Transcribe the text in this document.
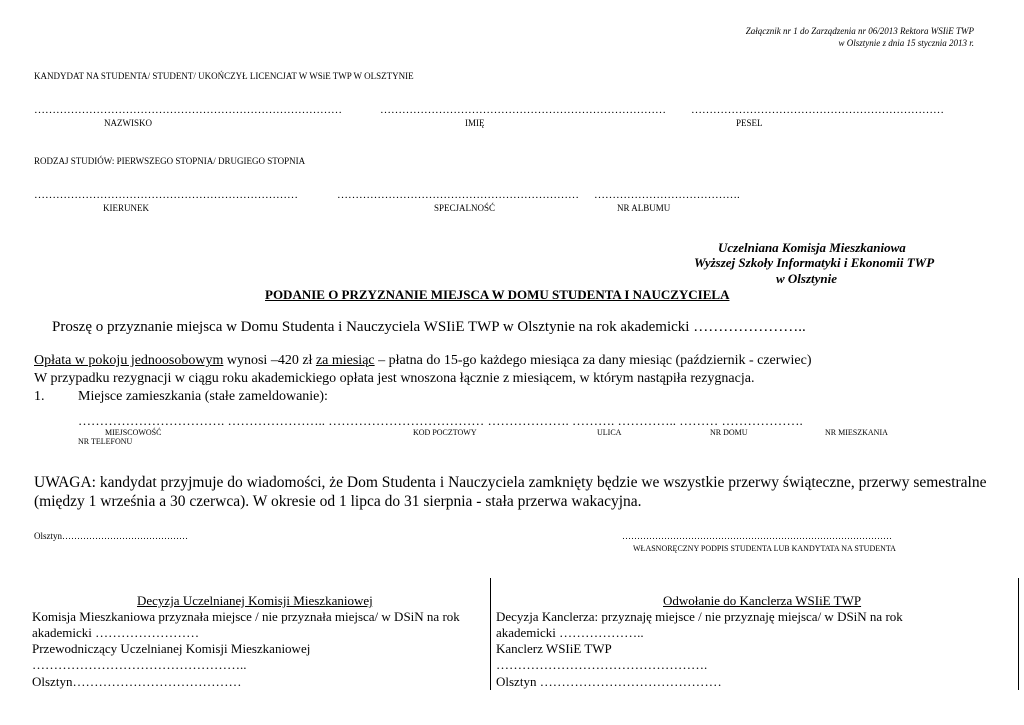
Załącznik nr 1 do Zarządzenia nr 06/2013 Rektora WSIiE TWP
w Olsztynie z dnia 15 stycznia 2013 r.
KANDYDAT NA STUDENTA/ STUDENT/ UKOŃCZYŁ LICENCJAT W WSiE TWP W OLSZTYNIE
…………………………………………………………………………	…………………………………………………………………… ……………………………………………………………
NAZWISKO	IMIĘ	PESEL
RODZAJ STUDIÓW: PIERWSZEGO STOPNIA/ DRUGIEGO STOPNIA
………………………………………………………………	………………………………………………………… ………………………………….
KIERUNEK	SPECJALNOŚĆ	NR ALBUMU
Uczelniana Komisja Mieszkaniowa
Wyższej Szkoły Informatyki i Ekonomii TWP
w Olsztynie
PODANIE O PRZYZNANIE MIEJSCA W DOMU STUDENTA I NAUCZYCIELA
Proszę o przyznanie miejsca w Domu Studenta i Nauczyciela WSIiE TWP w Olsztynie na rok akademicki …………………..
Opłata w pokoju jednoosobowym wynosi –420 zł za miesiąc – płatna do 15-go każdego miesiąca za dany miesiąc (październik - czerwiec)
W przypadku rezygnacji w ciągu roku akademickiego opłata jest wnoszona łącznie z miesiącem, w którym nastąpiła rezygnacja.
1. Miejsce zamieszkania (stałe zameldowanie):
……………………………. ………………….. ……………………………… ………………. ………. ………….. ……… ……………….
MIEJSCOWOŚĆ	KOD POCZTOWY	ULICA	NR DOMU	NR MIESZKANIA
NR TELEFONU
UWAGA: kandydat przyjmuje do wiadomości, że Dom Studenta i Nauczyciela zamknięty będzie we wszystkie przerwy świąteczne, przerwy semestralne
(między 1 września a 30 czerwca). W okresie od 1 lipca do 31 sierpnia - stała przerwa wakacyjna.
Olsztyn……………………………………	………………………………………………………………………………
WŁASNORĘCZNY PODPIS STUDENTA LUB KANDYTATA NA STUDENTA
Decyzja Uczelnianej Komisji Mieszkaniowej
Komisja Mieszkaniowa przyznała miejsce / nie przyznała miejsca/ w DSiN na rok
akademicki ……………………
Przewodniczący Uczelnianej Komisji Mieszkaniowej
…………………………………………..
Olsztyn…………………………………
Odwołanie do Kanclerza WSIiE TWP
Decyzja Kanclerza: przyznaję miejsce / nie przyznaję miejsca/ w DSiN na rok
akademicki ………………..
Kanclerz WSIiE TWP
………………………………………….
Olsztyn ……………………………………
